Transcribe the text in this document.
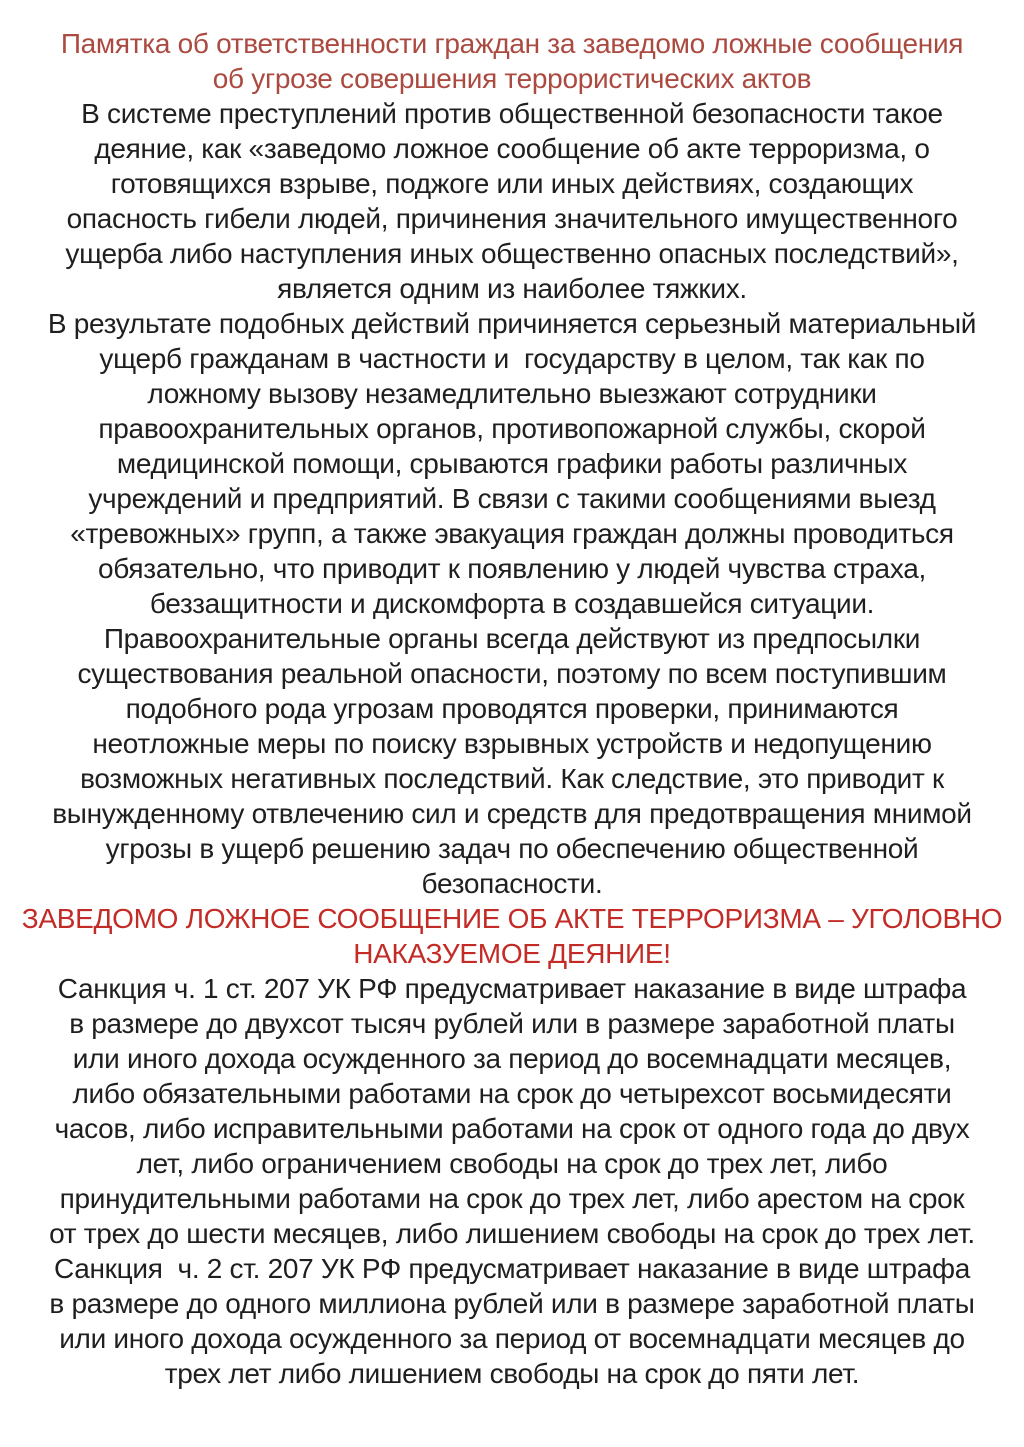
Памятка об ответственности граждан за заведомо ложные сообщения
об угрозе совершения террористических актов
В системе преступлений против общественной безопасности такое
деяние, как «заведомо ложное сообщение об акте терроризма, о
готовящихся взрыве, поджоге или иных действиях, создающих
опасность гибели людей, причинения значительного имущественного
ущерба либо наступления иных общественно опасных последствий»,
является одним из наиболее тяжких.
В результате подобных действий причиняется серьезный материальный
ущерб гражданам в частности и  государству в целом, так как по
ложному вызову незамедлительно выезжают сотрудники
правоохранительных органов, противопожарной службы, скорой
медицинской помощи, срываются графики работы различных
учреждений и предприятий. В связи с такими сообщениями выезд
«тревожных» групп, а также эвакуация граждан должны проводиться
обязательно, что приводит к появлению у людей чувства страха,
беззащитности и дискомфорта в создавшейся ситуации.
Правоохранительные органы всегда действуют из предпосылки
существования реальной опасности, поэтому по всем поступившим
подобного рода угрозам проводятся проверки, принимаются
неотложные меры по поиску взрывных устройств и недопущению
возможных негативных последствий. Как следствие, это приводит к
вынужденному отвлечению сил и средств для предотвращения мнимой
угрозы в ущерб решению задач по обеспечению общественной
безопасности.
ЗАВЕДОМО ЛОЖНОЕ СООБЩЕНИЕ ОБ АКТЕ ТЕРРОРИЗМА – УГОЛОВНО
НАКАЗУЕМОЕ ДЕЯНИЕ!
Санкция ч. 1 ст. 207 УК РФ предусматривает наказание в виде штрафа
в размере до двухсот тысяч рублей или в размере заработной платы
или иного дохода осужденного за период до восемнадцати месяцев,
либо обязательными работами на срок до четырехсот восьмидесяти
часов, либо исправительными работами на срок от одного года до двух
лет, либо ограничением свободы на срок до трех лет, либо
принудительными работами на срок до трех лет, либо арестом на срок
от трех до шести месяцев, либо лишением свободы на срок до трех лет.
Санкция  ч. 2 ст. 207 УК РФ предусматривает наказание в виде штрафа
в размере до одного миллиона рублей или в размере заработной платы
или иного дохода осужденного за период от восемнадцати месяцев до
трех лет либо лишением свободы на срок до пяти лет.
